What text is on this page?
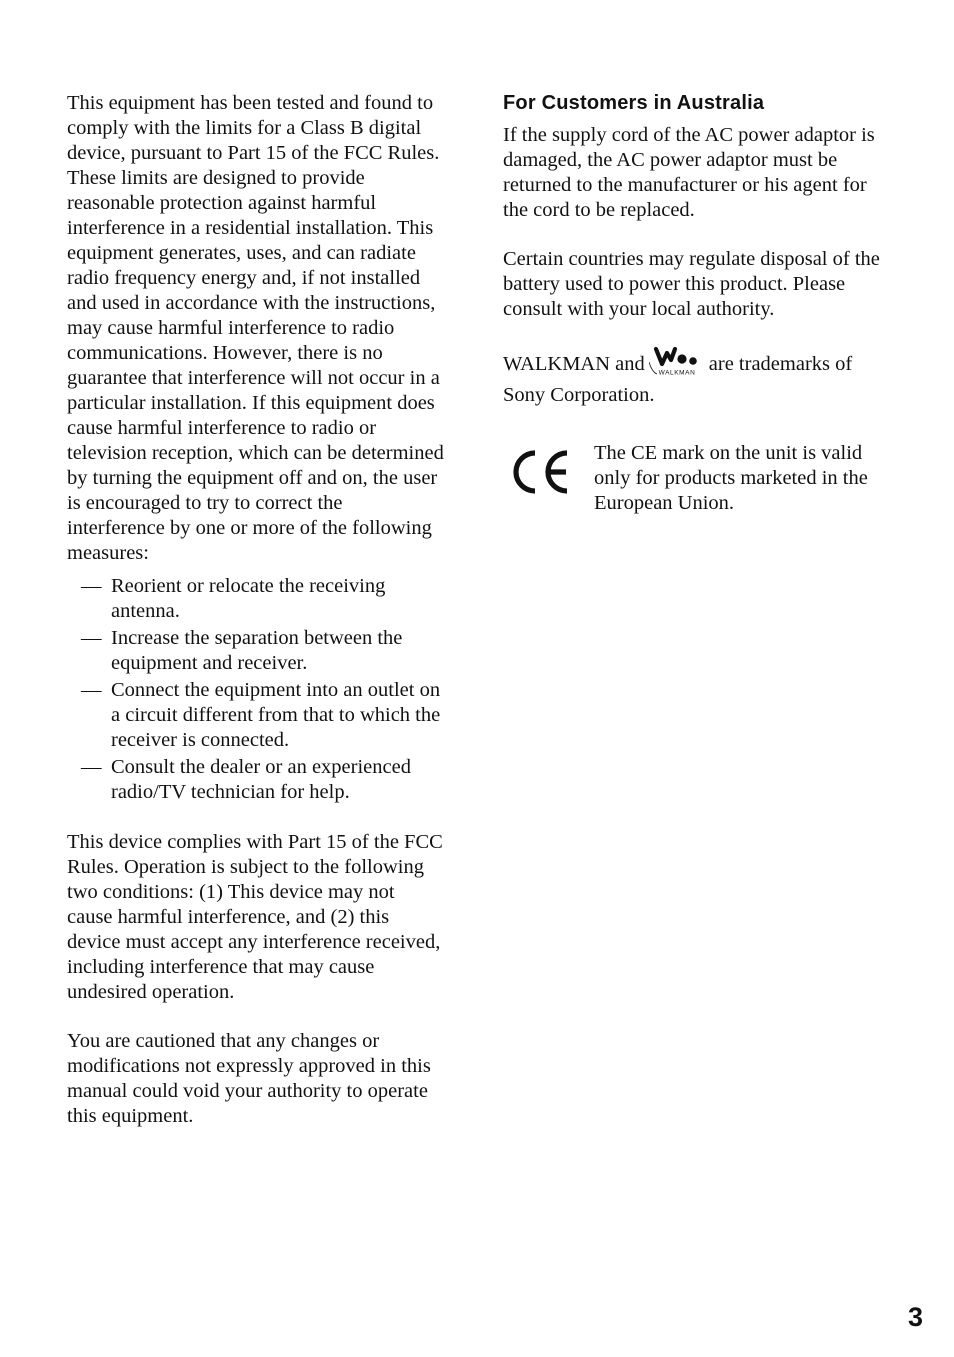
This equipment has been tested and found to comply with the limits for a Class B digital device, pursuant to Part 15 of the FCC Rules. These limits are designed to provide reasonable protection against harmful interference in a residential installation. This equipment generates, uses, and can radiate radio frequency energy and, if not installed and used in accordance with the instructions, may cause harmful interference to radio communications. However, there is no guarantee that interference will not occur in a particular installation. If this equipment does cause harmful interference to radio or television reception, which can be determined by turning the equipment off and on, the user is encouraged to try to correct the interference by one or more of the following measures:

— Reorient or relocate the receiving antenna.
— Increase the separation between the equipment and receiver.
— Connect the equipment into an outlet on a circuit different from that to which the receiver is connected.
— Consult the dealer or an experienced radio/TV technician for help.

This device complies with Part 15 of the FCC Rules. Operation is subject to the following two conditions: (1) This device may not cause harmful interference, and (2) this device must accept any interference received, including interference that may cause undesired operation.

You are cautioned that any changes or modifications not expressly approved in this manual could void your authority to operate this equipment.

For Customers in Australia

If the supply cord of the AC power adaptor is damaged, the AC power adaptor must be returned to the manufacturer or his agent for the cord to be replaced.

Certain countries may regulate disposal of the battery used to power this product. Please consult with your local authority.

WALKMAN and WALKMAN are trademarks of Sony Corporation.

The CE mark on the unit is valid only for products marketed in the European Union.

3
